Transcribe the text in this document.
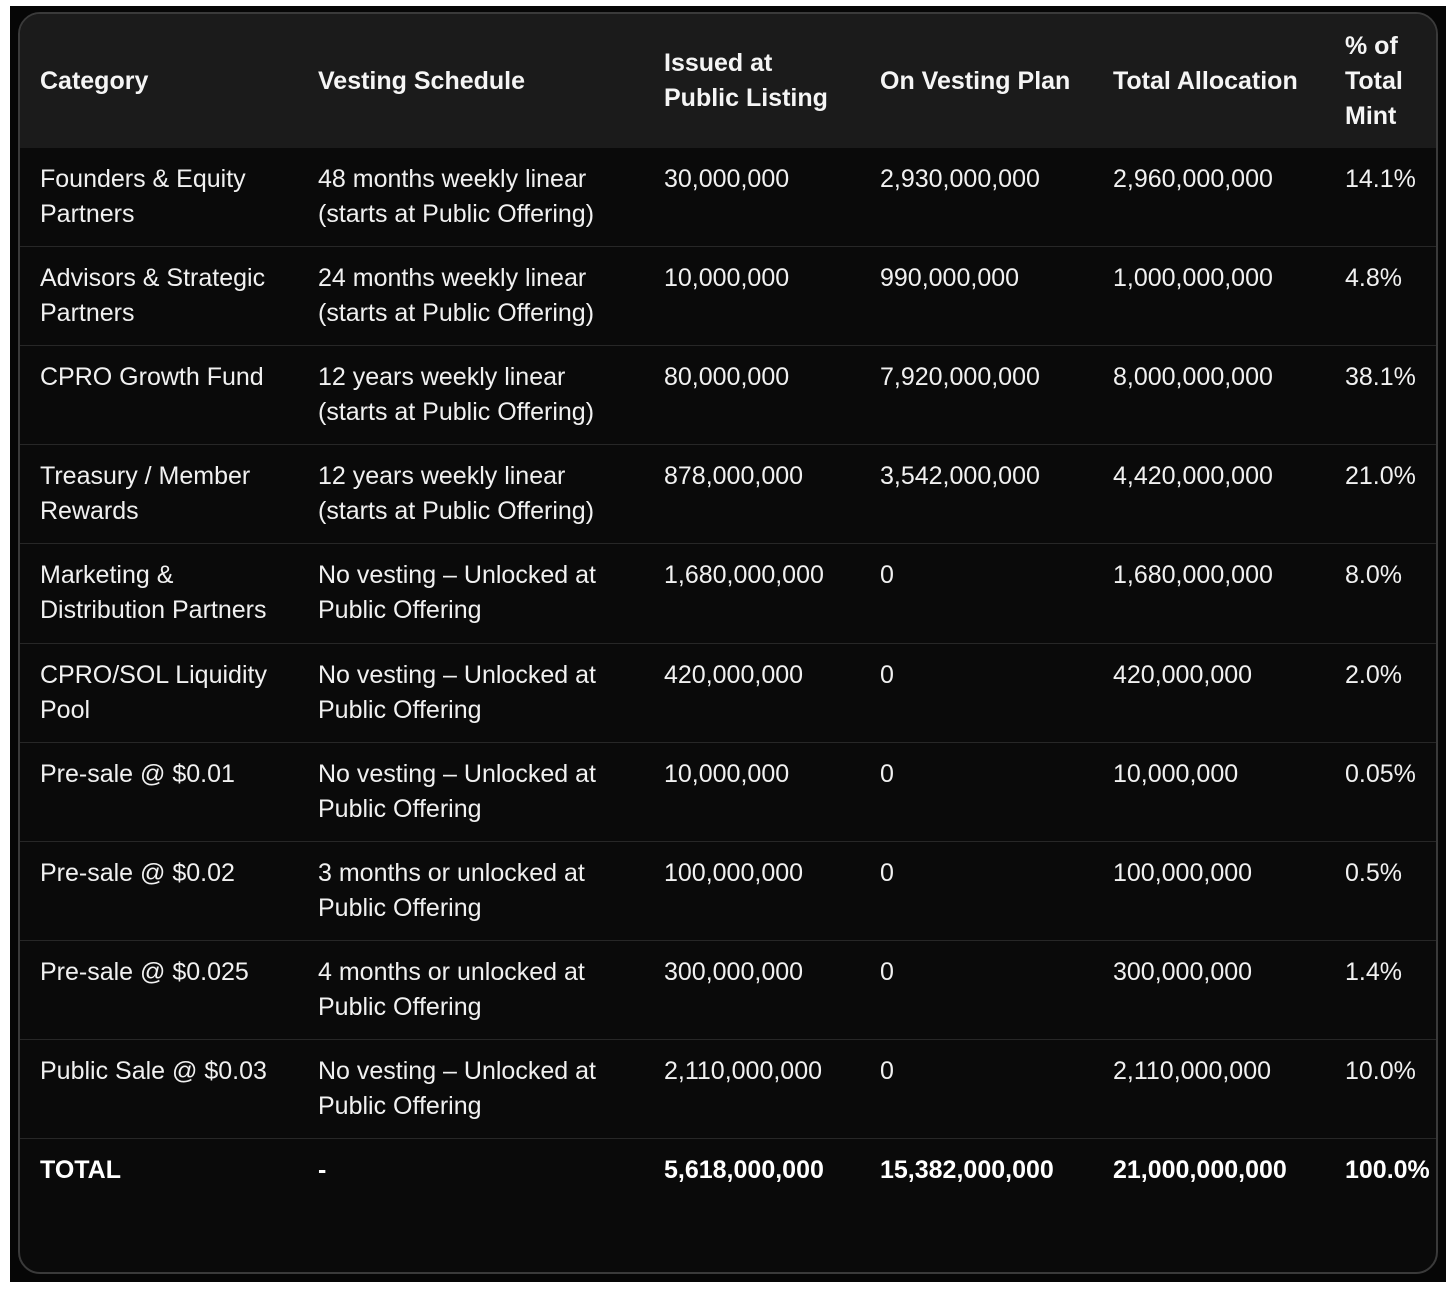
Category	Vesting Schedule	Issued at Public Listing	On Vesting Plan	Total Allocation	% of Total Mint

Founders & Equity Partners	48 months weekly linear (starts at Public Offering)	30,000,000	2,930,000,000	2,960,000,000	14.1%

Advisors & Strategic Partners	24 months weekly linear (starts at Public Offering)	10,000,000	990,000,000	1,000,000,000	4.8%

CPRO Growth Fund	12 years weekly linear (starts at Public Offering)	80,000,000	7,920,000,000	8,000,000,000	38.1%

Treasury / Member Rewards	12 years weekly linear (starts at Public Offering)	878,000,000	3,542,000,000	4,420,000,000	21.0%

Marketing & Distribution Partners	No vesting – Unlocked at Public Offering	1,680,000,000	0	1,680,000,000	8.0%

CPRO/SOL Liquidity Pool	No vesting – Unlocked at Public Offering	420,000,000	0	420,000,000	2.0%

Pre-sale @ $0.01	No vesting – Unlocked at Public Offering	10,000,000	0	10,000,000	0.05%

Pre-sale @ $0.02	3 months or unlocked at Public Offering	100,000,000	0	100,000,000	0.5%

Pre-sale @ $0.025	4 months or unlocked at Public Offering	300,000,000	0	300,000,000	1.4%

Public Sale @ $0.03	No vesting – Unlocked at Public Offering	2,110,000,000	0	2,110,000,000	10.0%

TOTAL	-	5,618,000,000	15,382,000,000	21,000,000,000	100.0%
